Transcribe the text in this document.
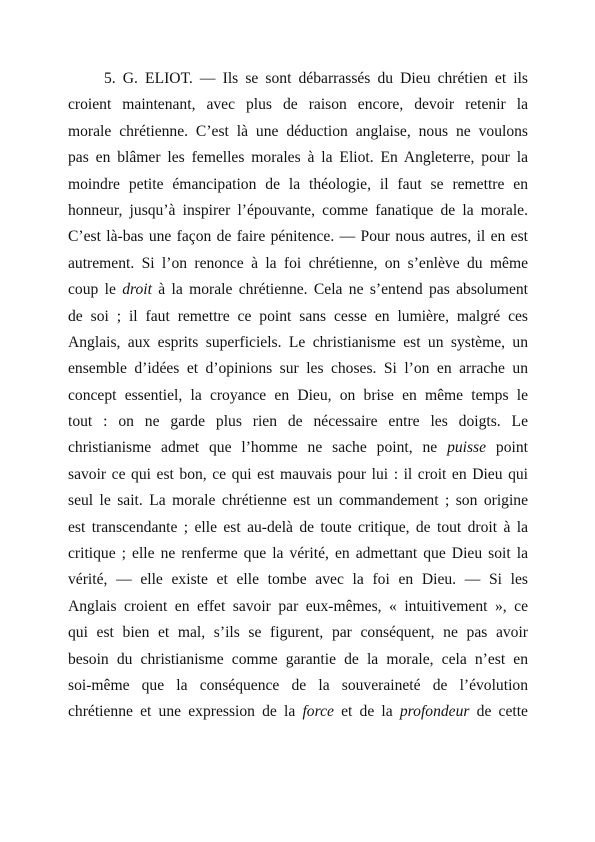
5. G. ELIOT. — Ils se sont débarrassés du Dieu chrétien et ils
croient maintenant, avec plus de raison encore, devoir retenir la
morale chrétienne. C’est là une déduction anglaise, nous ne voulons
pas en blâmer les femelles morales à la Eliot. En Angleterre, pour la
moindre petite émancipation de la théologie, il faut se remettre en
honneur, jusqu’à inspirer l’épouvante, comme fanatique de la morale.
C’est là-bas une façon de faire pénitence. — Pour nous autres, il en est
autrement. Si l’on renonce à la foi chrétienne, on s’enlève du même
coup le droit à la morale chrétienne. Cela ne s’entend pas absolument
de soi ; il faut remettre ce point sans cesse en lumière, malgré ces
Anglais, aux esprits superficiels. Le christianisme est un système, un
ensemble d’idées et d’opinions sur les choses. Si l’on en arrache un
concept essentiel, la croyance en Dieu, on brise en même temps le
tout : on ne garde plus rien de nécessaire entre les doigts. Le
christianisme admet que l’homme ne sache point, ne puisse point
savoir ce qui est bon, ce qui est mauvais pour lui : il croit en Dieu qui
seul le sait. La morale chrétienne est un commandement ; son origine
est transcendante ; elle est au-delà de toute critique, de tout droit à la
critique ; elle ne renferme que la vérité, en admettant que Dieu soit la
vérité, — elle existe et elle tombe avec la foi en Dieu. — Si les
Anglais croient en effet savoir par eux-mêmes, « intuitivement », ce
qui est bien et mal, s’ils se figurent, par conséquent, ne pas avoir
besoin du christianisme comme garantie de la morale, cela n’est en
soi-même que la conséquence de la souveraineté de l’évolution
chrétienne et une expression de la force et de la profondeur de cette
